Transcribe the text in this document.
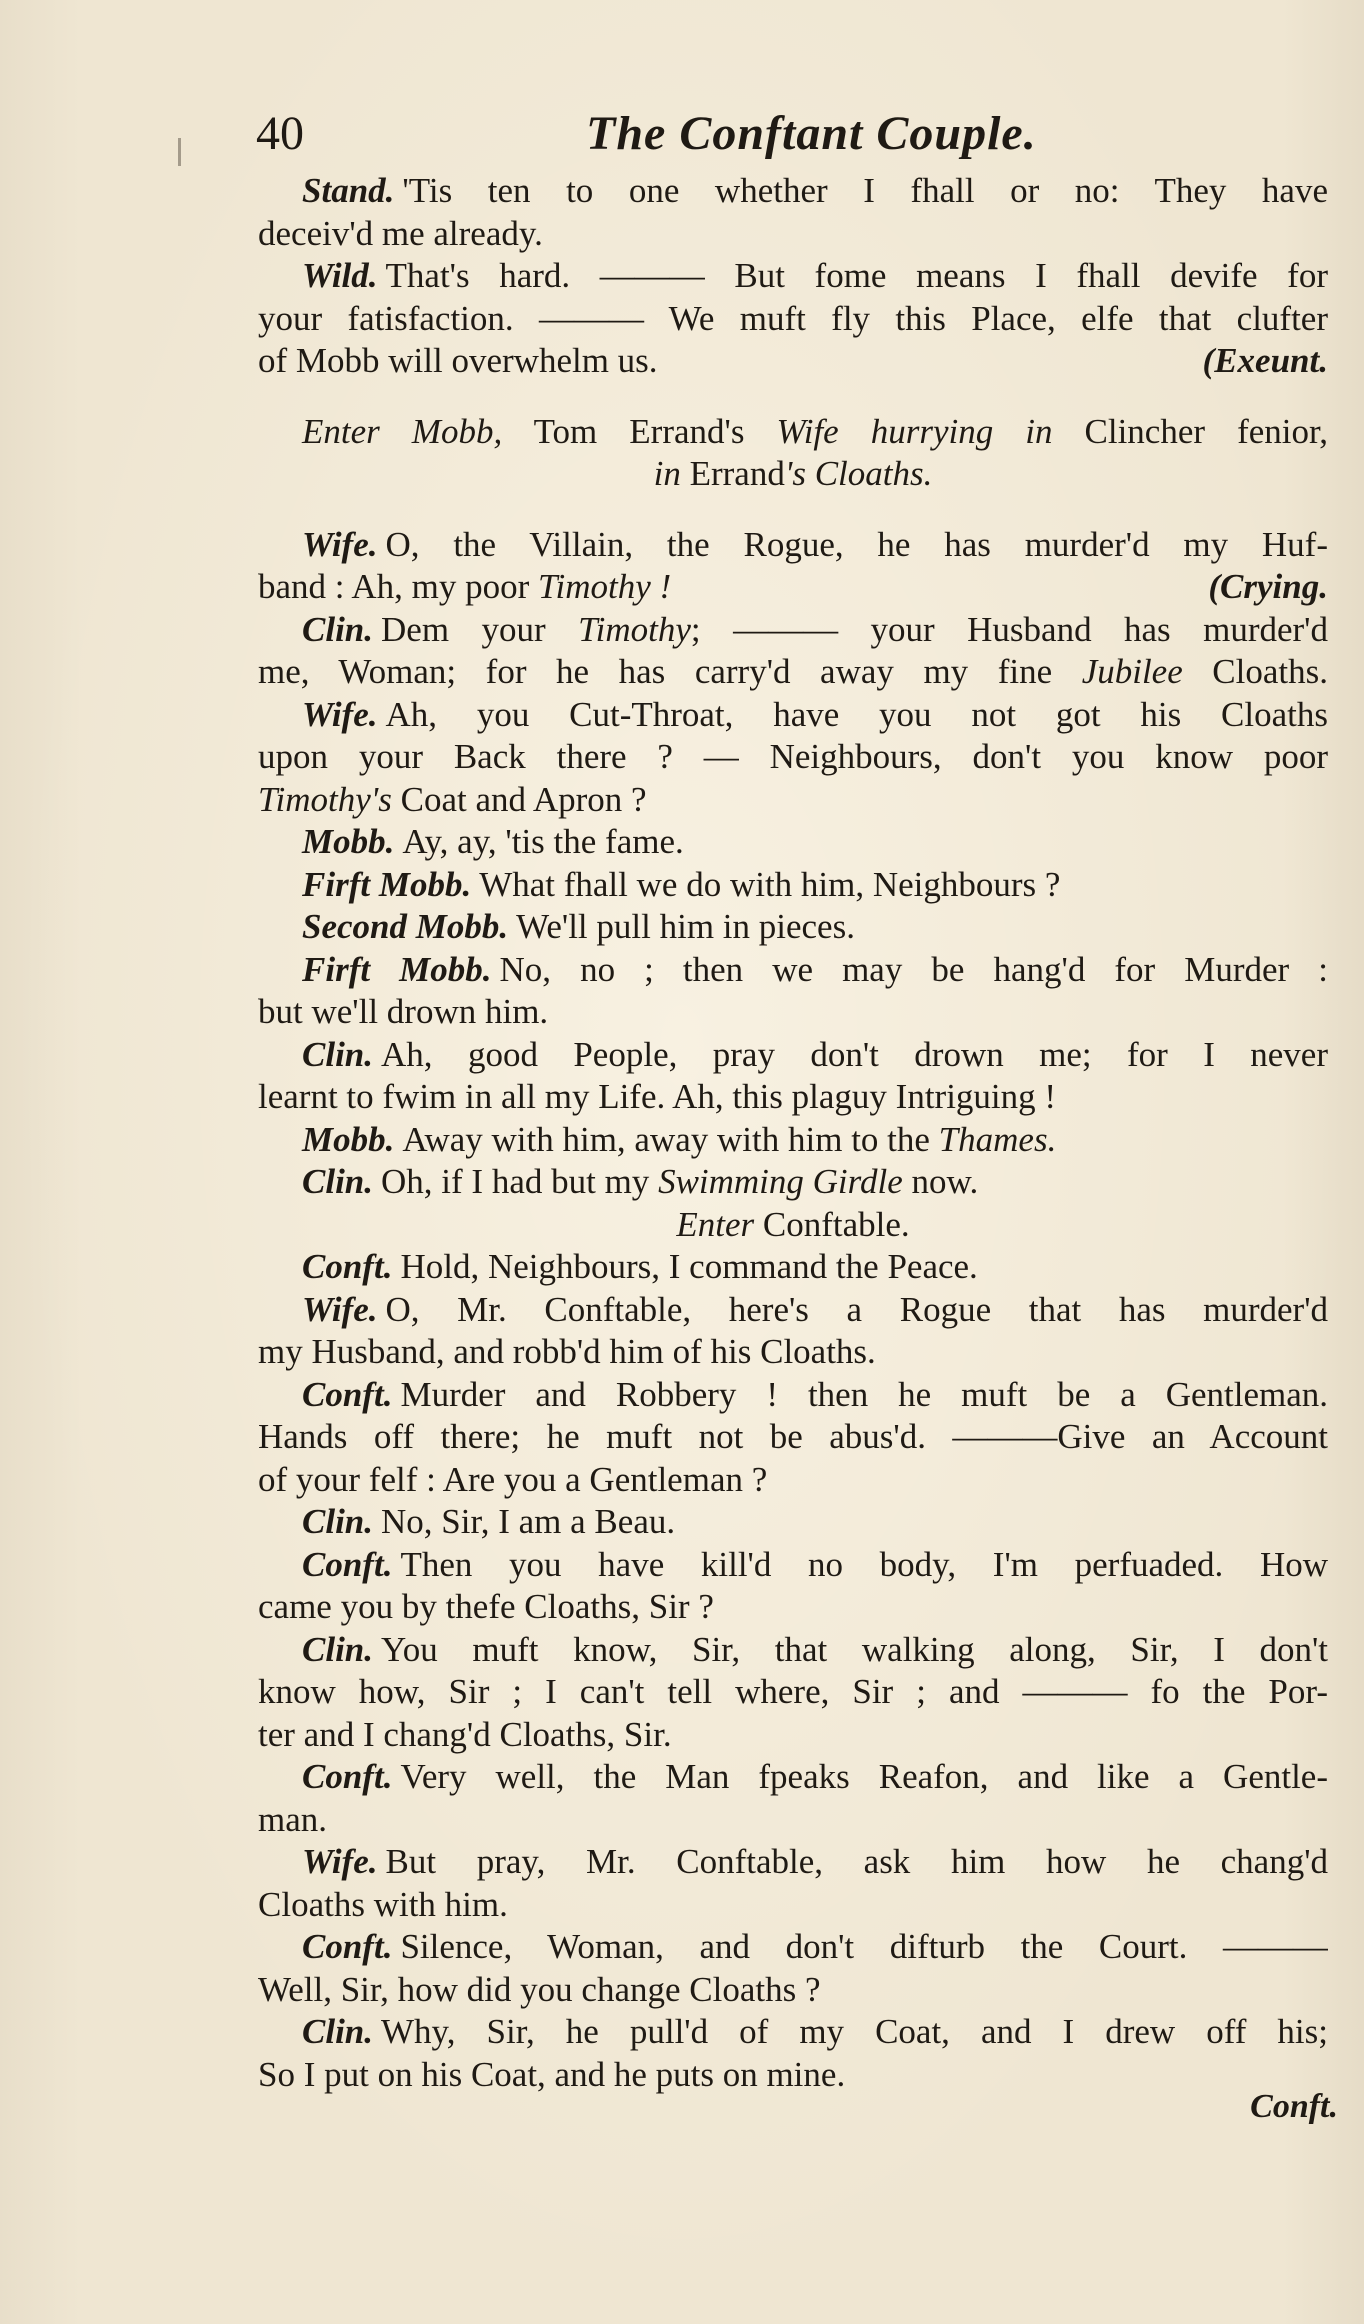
40	The Conftant Couple.
Stand. 'Tis ten to one whether I fhall or no: They have
deceiv'd me already.
Wild. That's hard. ——— But fome means I fhall devife for
your fatisfaction. ——— We muft fly this Place, elfe that clufter
(Exeunt.
of Mobb will overwhelm us.
Enter Mobb, Tom Errand's Wife hurrying in Clincher fenior,
in Errand's Cloaths.
Wife. O, the Villain, the Rogue, he has murder'd my Huf-
(Crying.
band : Ah, my poor Timothy !
Clin. Dem your Timothy; ——— your Husband has murder'd
me, Woman; for he has carry'd away my fine Jubilee Cloaths.
Wife. Ah, you Cut-Throat, have you not got his Cloaths
upon your Back there ? — Neighbours, don't you know poor
Timothy's Coat and Apron ?
Mobb. Ay, ay, 'tis the fame.
Firft Mobb. What fhall we do with him, Neighbours ?
Second Mobb. We'll pull him in pieces.
Firft Mobb. No, no ; then we may be hang'd for Murder :
but we'll drown him.
Clin. Ah, good People, pray don't drown me; for I never
learnt to fwim in all my Life. Ah, this plaguy Intriguing !
Mobb. Away with him, away with him to the Thames.
Clin. Oh, if I had but my Swimming Girdle now.
Enter Conftable.
Conft. Hold, Neighbours, I command the Peace.
Wife. O, Mr. Conftable, here's a Rogue that has murder'd
my Husband, and robb'd him of his Cloaths.
Conft. Murder and Robbery ! then he muft be a Gentleman.
Hands off there; he muft not be abus'd. ———Give an Account
of your felf : Are you a Gentleman ?
Clin. No, Sir, I am a Beau.
Conft. Then you have kill'd no body, I'm perfuaded. How
came you by thefe Cloaths, Sir ?
Clin. You muft know, Sir, that walking along, Sir, I don't
know how, Sir ; I can't tell where, Sir ; and ——— fo the Por-
ter and I chang'd Cloaths, Sir.
Conft. Very well, the Man fpeaks Reafon, and like a Gentle-
man.
Wife. But pray, Mr. Conftable, ask him how he chang'd
Cloaths with him.
Conft. Silence, Woman, and don't difturb the Court. ———
Well, Sir, how did you change Cloaths ?
Clin. Why, Sir, he pull'd of my Coat, and I drew off his;
So I put on his Coat, and he puts on mine.
Conft.
